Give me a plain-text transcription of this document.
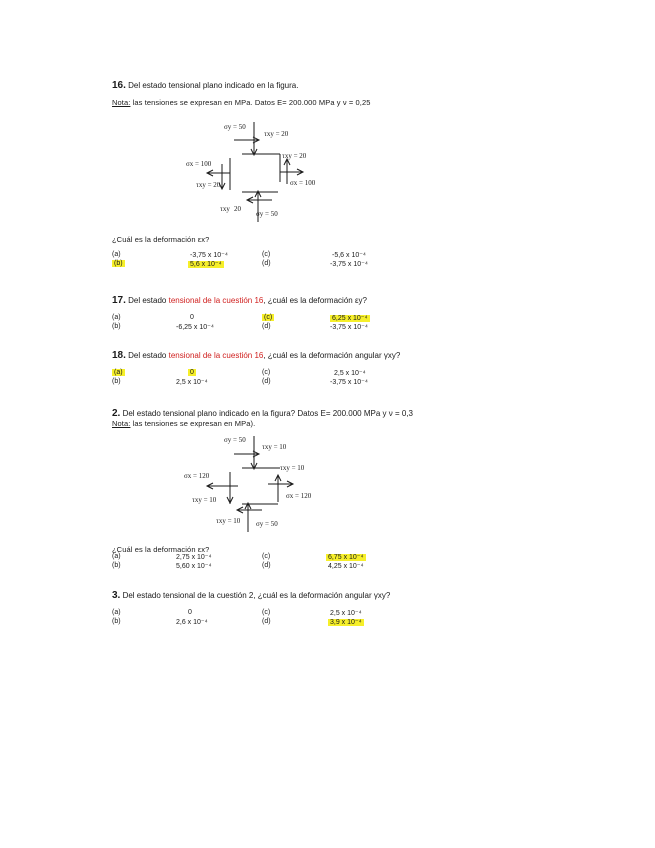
16. Del estado tensional plano indicado en la figura.
Nota: las tensiones se expresan en MPa. Datos E= 200.000 MPa y ν = 0,25
σy = 50
τxy = 20
τxy = 20
σx = 100
τxy = 20	σx = 100
τxy 20
σy = 50
¿Cuál es la deformación εx?
(a)	-3,75 x 10⁻⁴	(c)	-5,6 x 10⁻⁴
(b)	5,6 x 10⁻⁴	(d)	-3,75 x 10⁻⁴
17. Del estado tensional de la cuestión 16, ¿cuál es la deformación εy?
(a)	0	(c)	6,25 x 10⁻⁴
(b)	-6,25 x 10⁻⁴	(d)	-3,75 x 10⁻⁴
18. Del estado tensional de la cuestión 16, ¿cuál es la deformación angular γxy?
(a)	0	(c)	2,5 x 10⁻⁴
(b)	2,5 x 10⁻⁴	(d)	-3,75 x 10⁻⁴
2. Del estado tensional plano indicado en la figura? Datos E= 200.000 MPa y ν = 0,3
Nota: las tensiones se expresan en MPa).
σy = 50
τxy = 10
τxy = 10
σx = 120
τxy = 10	σx = 120
τxy = 10 σy = 50
¿Cuál es la deformación εx?
(a)	2,75 x 10⁻⁴	(c)	6,75 x 10⁻⁴
(b)	5,60 x 10⁻⁴	(d)	4,25 x 10⁻⁴
3. Del estado tensional de la cuestión 2, ¿cuál es la deformación angular γxy?
(a)	0	(c)	2,5 x 10⁻⁴
(b)	2,6 x 10⁻⁴	(d)	3,9 x 10⁻⁴
